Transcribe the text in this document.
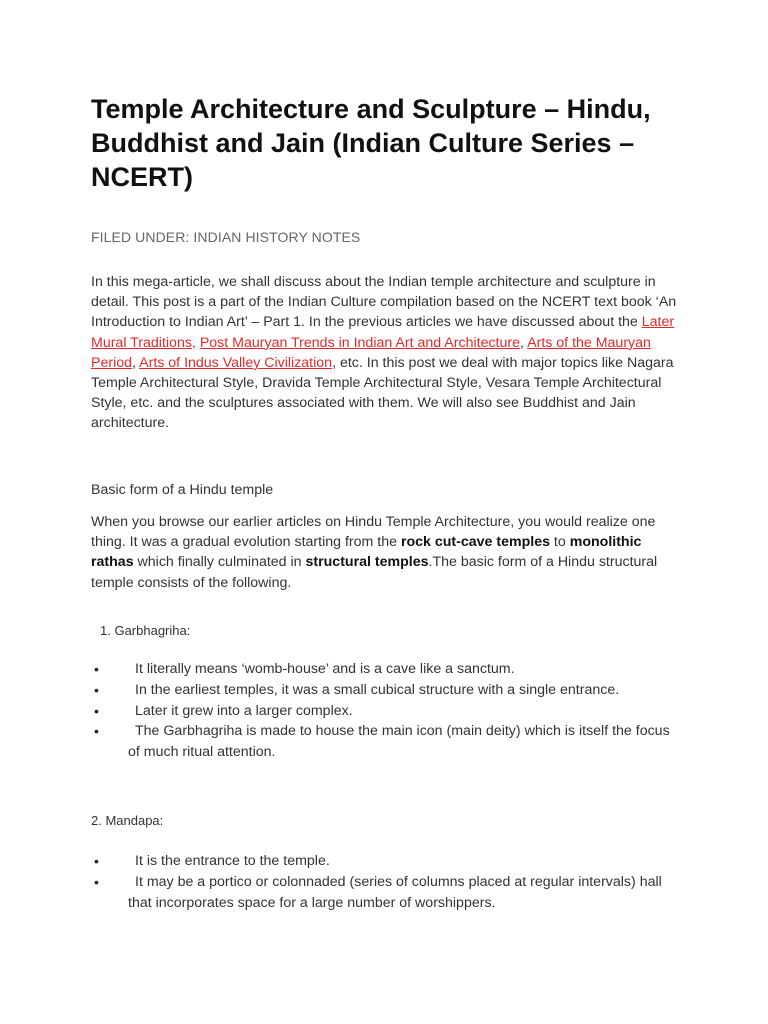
Temple Architecture and Sculpture – Hindu, Buddhist and Jain (Indian Culture Series – NCERT)
FILED UNDER: INDIAN HISTORY NOTES

In this mega-article, we shall discuss about the Indian temple architecture and sculpture in detail. This post is a part of the Indian Culture compilation based on the NCERT text book ‘An Introduction to Indian Art’ – Part 1. In the previous articles we have discussed about the Later Mural Traditions, Post Mauryan Trends in Indian Art and Architecture, Arts of the Mauryan Period, Arts of Indus Valley Civilization, etc. In this post we deal with major topics like Nagara Temple Architectural Style, Dravida Temple Architectural Style, Vesara Temple Architectural Style, etc. and the sculptures associated with them. We will also see Buddhist and Jain architecture.

Basic form of a Hindu temple

When you browse our earlier articles on Hindu Temple Architecture, you would realize one thing. It was a gradual evolution starting from the rock cut-cave temples to monolithic rathas which finally culminated in structural temples.The basic form of a Hindu structural temple consists of the following.

1. Garbhagriha:
•	It literally means ‘womb-house’ and is a cave like a sanctum.
•	In the earliest temples, it was a small cubical structure with a single entrance.
•	Later it grew into a larger complex.
•	The Garbhagriha is made to house the main icon (main deity) which is itself the focus of much ritual attention.
2. Mandapa:
•	It is the entrance to the temple.
•	It may be a portico or colonnaded (series of columns placed at regular intervals) hall that incorporates space for a large number of worshippers.
